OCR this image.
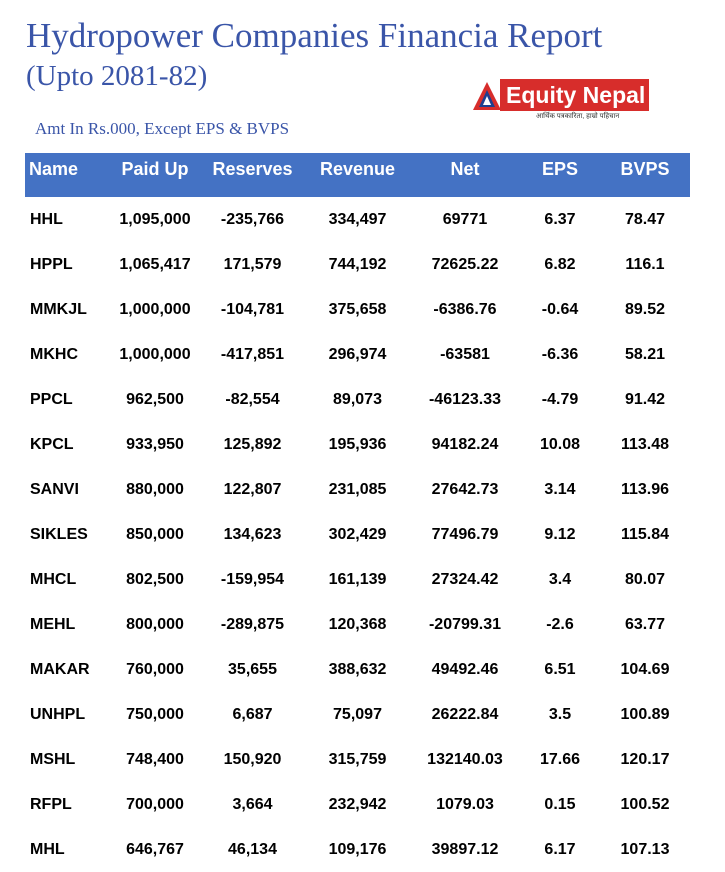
Hydropower Companies Financia Report
(Upto 2081-82)
Equity Nepal
आर्थिक पत्रकारिता, हाम्रो पहिचान
Amt In Rs.000, Except EPS & BVPS
Name	Paid Up	Reserves	Revenue	Net	EPS	BVPS
HHL	1,095,000	-235,766	334,497	69771	6.37	78.47
HPPL	1,065,417	171,579	744,192	72625.22	6.82	116.1
MMKJL	1,000,000	-104,781	375,658	-6386.76	-0.64	89.52
MKHC	1,000,000	-417,851	296,974	-63581	-6.36	58.21
PPCL	962,500	-82,554	89,073	-46123.33	-4.79	91.42
KPCL	933,950	125,892	195,936	94182.24	10.08	113.48
SANVI	880,000	122,807	231,085	27642.73	3.14	113.96
SIKLES	850,000	134,623	302,429	77496.79	9.12	115.84
MHCL	802,500	-159,954	161,139	27324.42	3.4	80.07
MEHL	800,000	-289,875	120,368	-20799.31	-2.6	63.77
MAKAR	760,000	35,655	388,632	49492.46	6.51	104.69
UNHPL	750,000	6,687	75,097	26222.84	3.5	100.89
MSHL	748,400	150,920	315,759	132140.03	17.66	120.17
RFPL	700,000	3,664	232,942	1079.03	0.15	100.52
MHL	646,767	46,134	109,176	39897.12	6.17	107.13
